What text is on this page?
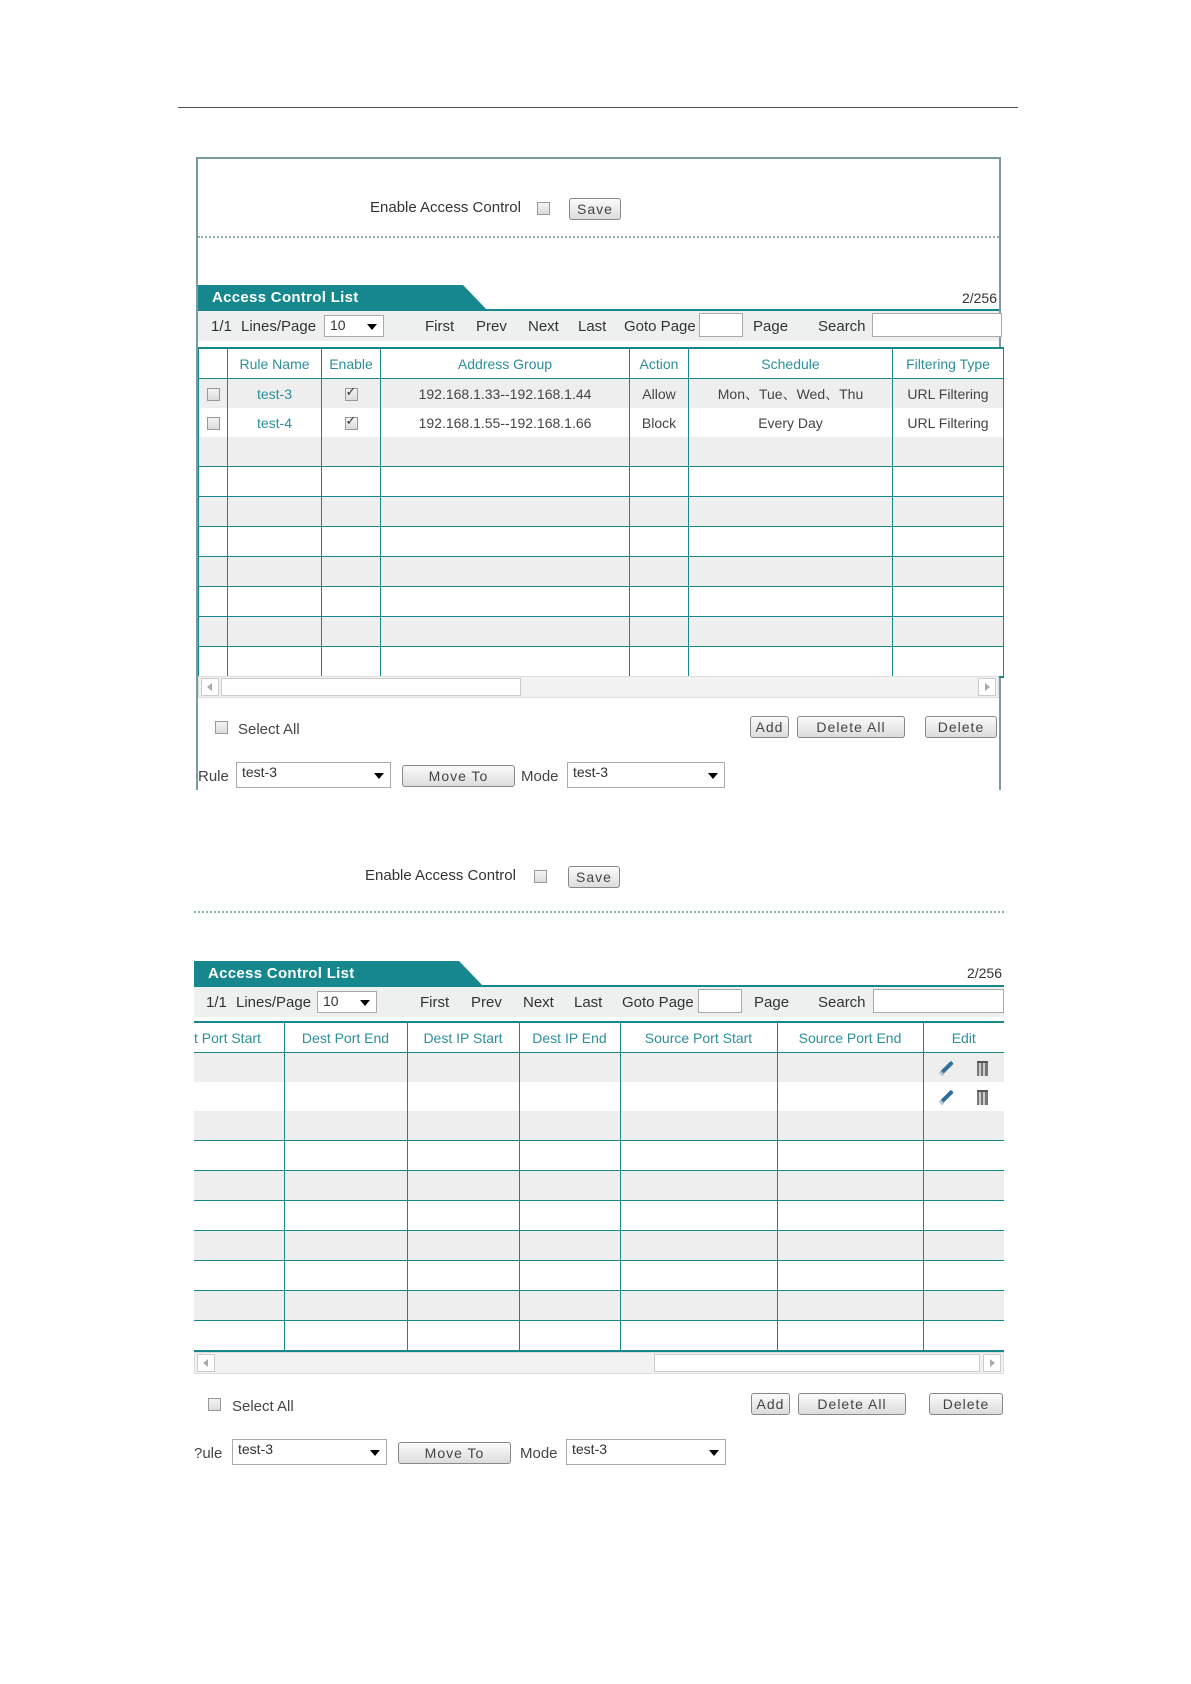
Enable Access Control	Save
Access Control List	2/256
1/1 Lines/Page 10	First Prev Next Last Goto Page	Page Search
	Rule Name	Enable	Address Group	Action	Schedule	Filtering Type
	test-3	✓	192.168.1.33--192.168.1.44	Allow	Mon、Tue、Wed、Thu	URL Filtering
	test-4	✓	192.168.1.55--192.168.1.66	Block	Every Day	URL Filtering

Select All	Add	Delete All	Delete
Rule test-3	Move To	Mode	test-3
Enable Access Control	Save
Access Control List	2/256
1/1 Lines/Page 10	First Prev Next Last Goto Page	Page Search
t Port Start	Dest Port End	Dest IP Start	Dest IP End	Source Port Start	Source Port End	Edit

Select All	Add	Delete All	Delete
?ule	test-3	Move To	Mode	test-3
